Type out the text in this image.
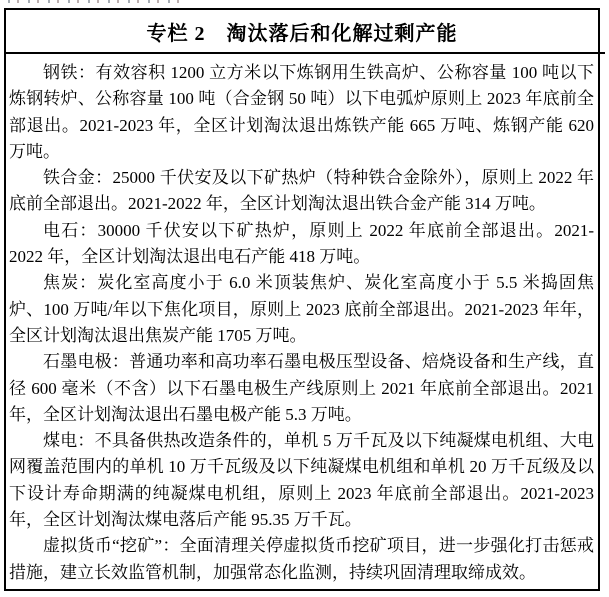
专栏 2　淘汰落后和化解过剩产能

钢铁：有效容积 1200 立方米以下炼钢用生铁高炉、公称容量 100 吨以下炼钢转炉、公称容量 100 吨（合金钢 50 吨）以下电弧炉原则上 2023 年底前全部退出。2021-2023 年，全区计划淘汰退出炼铁产能 665 万吨、炼钢产能 620 万吨。

铁合金：25000 千伏安及以下矿热炉（特种铁合金除外），原则上 2022 年底前全部退出。2021-2022 年，全区计划淘汰退出铁合金产能 314 万吨。

电石：30000 千伏安以下矿热炉，原则上 2022 年底前全部退出。2021-2022 年，全区计划淘汰退出电石产能 418 万吨。

焦炭：炭化室高度小于 6.0 米顶装焦炉、炭化室高度小于 5.5 米捣固焦炉、100 万吨/年以下焦化项目，原则上 2023 底前全部退出。2021-2023 年年，全区计划淘汰退出焦炭产能 1705 万吨。

石墨电极：普通功率和高功率石墨电极压型设备、焙烧设备和生产线，直径 600 毫米（不含）以下石墨电极生产线原则上 2021 年底前全部退出。2021 年，全区计划淘汰退出石墨电极产能 5.3 万吨。

煤电：不具备供热改造条件的，单机 5 万千瓦及以下纯凝煤电机组、大电网覆盖范围内的单机 10 万千瓦级及以下纯凝煤电机组和单机 20 万千瓦级及以下设计寿命期满的纯凝煤电机组，原则上 2023 年底前全部退出。2021-2023 年，全区计划淘汰煤电落后产能 95.35 万千瓦。

虚拟货币“挖矿”：全面清理关停虚拟货币挖矿项目，进一步强化打击惩戒措施，建立长效监管机制，加强常态化监测，持续巩固清理取缔成效。
